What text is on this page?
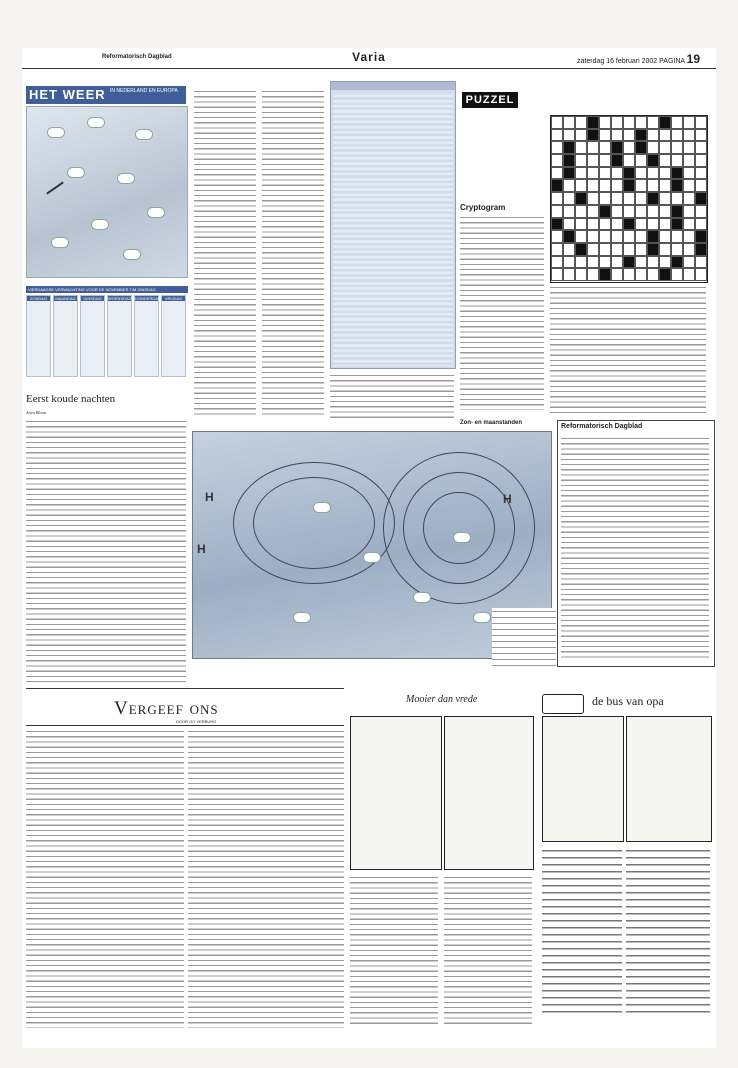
Reformatorisch Dagblad	Varia	zaterdag 16 februari 2002 PAGINA 19
HET WEER IN NEDERLAND EN EUROPA
VIERDAAGSE VERWACHTING VOOR DE NOVEMBER T/M DINSDAG
ZONDAG	MAANDAG	DINSDAG	WOENSDAG DONDERDAG VRIJDAG
Eerst koude nachten
Arjen Bloem
PUZZEL
Cryptogram
Zon- en maanstanden	Reformatorisch Dagblad
H
H
H
Vergeef ons
DOOR GO VERBURG
Mooier dan vrede	de bus van opa
